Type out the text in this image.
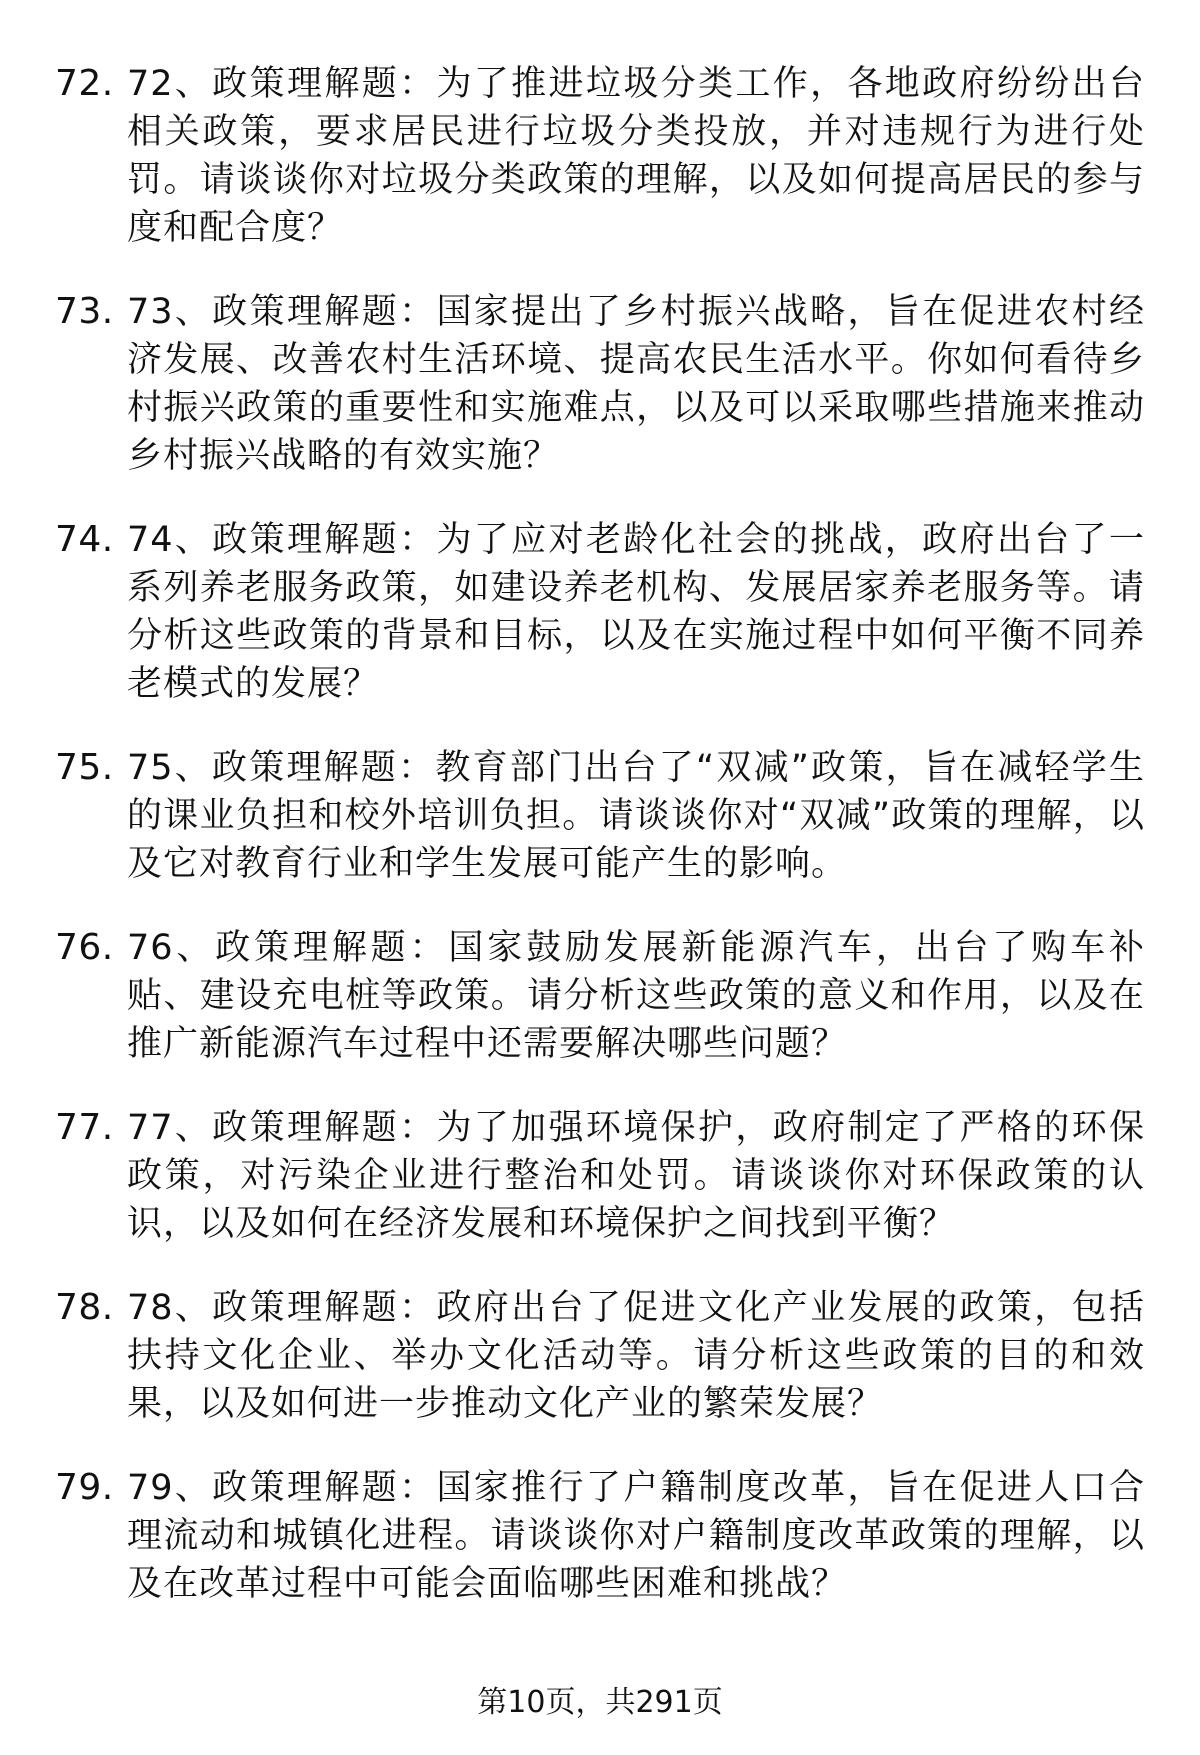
72. 72、政策理解题：为了推进垃圾分类工作，各地政府纷纷出台相关政策，要求居民进行垃圾分类投放，并对违规行为进行处罚。请谈谈你对垃圾分类政策的理解，以及如何提高居民的参与度和配合度？
73. 73、政策理解题：国家提出了乡村振兴战略，旨在促进农村经济发展、改善农村生活环境、提高农民生活水平。你如何看待乡村振兴政策的重要性和实施难点，以及可以采取哪些措施来推动乡村振兴战略的有效实施？
74. 74、政策理解题：为了应对老龄化社会的挑战，政府出台了一系列养老服务政策，如建设养老机构、发展居家养老服务等。请分析这些政策的背景和目标，以及在实施过程中如何平衡不同养老模式的发展？
75. 75、政策理解题：教育部门出台了“双减”政策，旨在减轻学生的课业负担和校外培训负担。请谈谈你对“双减”政策的理解，以及它对教育行业和学生发展可能产生的影响。
76. 76、政策理解题：国家鼓励发展新能源汽车，出台了购车补贴、建设充电桩等政策。请分析这些政策的意义和作用，以及在推广新能源汽车过程中还需要解决哪些问题？
77. 77、政策理解题：为了加强环境保护，政府制定了严格的环保政策，对污染企业进行整治和处罚。请谈谈你对环保政策的认识，以及如何在经济发展和环境保护之间找到平衡？
78. 78、政策理解题：政府出台了促进文化产业发展的政策，包括扶持文化企业、举办文化活动等。请分析这些政策的目的和效果，以及如何进一步推动文化产业的繁荣发展？
79. 79、政策理解题：国家推行了户籍制度改革，旨在促进人口合理流动和城镇化进程。请谈谈你对户籍制度改革政策的理解，以及在改革过程中可能会面临哪些困难和挑战？
第10页，共291页
